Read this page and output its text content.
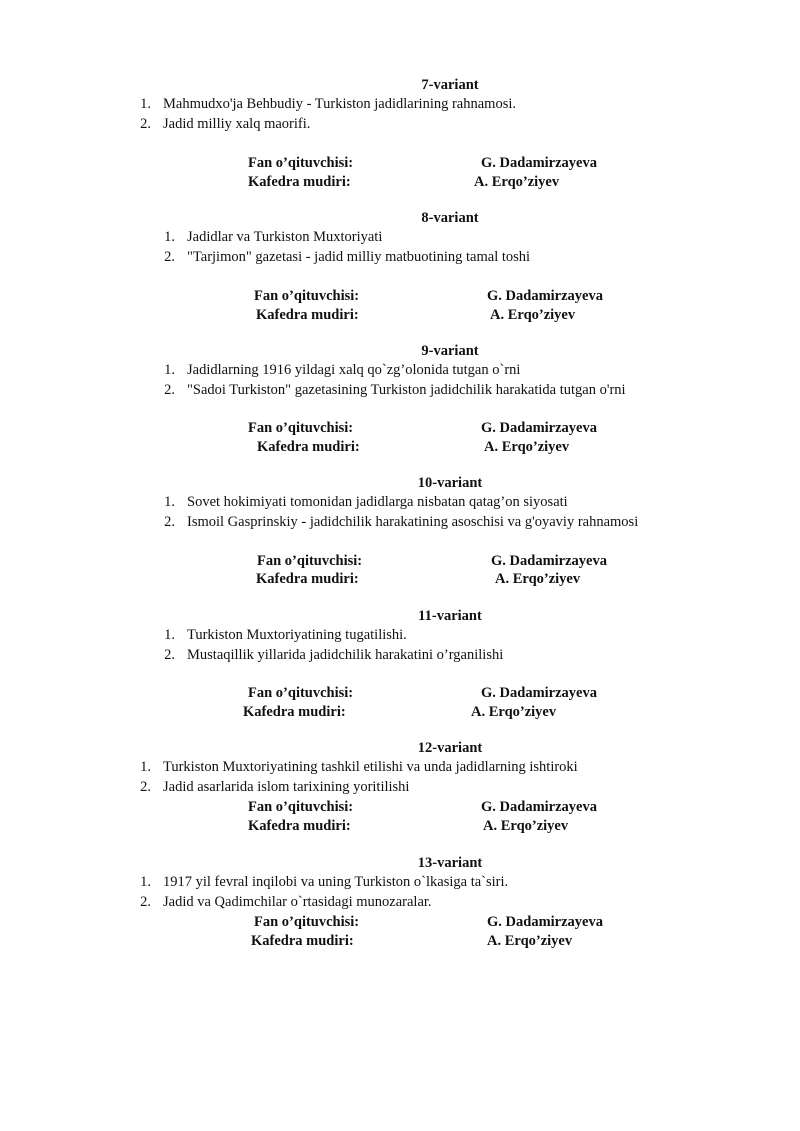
7-variant
1. Mahmudxo'ja Behbudiy - Turkiston jadidlarining rahnamosi.
2. Jadid milliy xalq maorifi.
Fan o’qituvchisi:	G. Dadamirzayeva
Kafedra mudiri:	A. Erqo’ziyev
8-variant
1. Jadidlar va Turkiston Muxtoriyati
2. "Tarjimon" gazetasi - jadid milliy matbuotining tamal toshi
Fan o’qituvchisi:	G. Dadamirzayeva
Kafedra mudiri:	A. Erqo’ziyev
9-variant
1. Jadidlarning 1916 yildagi xalq qo`zg’olonida tutgan o`rni
2. "Sadoi Turkiston" gazetasining Turkiston jadidchilik harakatida tutgan o'rni
Fan o’qituvchisi:	G. Dadamirzayeva
Kafedra mudiri:	A. Erqo’ziyev
10-variant
1. Sovet hokimiyati tomonidan jadidlarga nisbatan qatag’on siyosati
2. Ismoil Gasprinskiy - jadidchilik harakatining asoschisi va g'oyaviy rahnamosi
Fan o’qituvchisi:	G. Dadamirzayeva
Kafedra mudiri:	A. Erqo’ziyev
11-variant
1. Turkiston Muxtoriyatining tugatilishi.
2. Mustaqillik yillarida jadidchilik harakatini o’rganilishi
Fan o’qituvchisi:	G. Dadamirzayeva
Kafedra mudiri:	A. Erqo’ziyev
12-variant
1. Turkiston Muxtoriyatining tashkil etilishi va unda jadidlarning ishtiroki
2. Jadid asarlarida islom tarixining yoritilishi
Fan o’qituvchisi:	G. Dadamirzayeva
Kafedra mudiri:	A. Erqo’ziyev
13-variant
1. 1917 yil fevral inqilobi va uning Turkiston o`lkasiga ta`siri.
2. Jadid va Qadimchilar o`rtasidagi munozaralar.
Fan o’qituvchisi:	G. Dadamirzayeva
Kafedra mudiri:	A. Erqo’ziyev
